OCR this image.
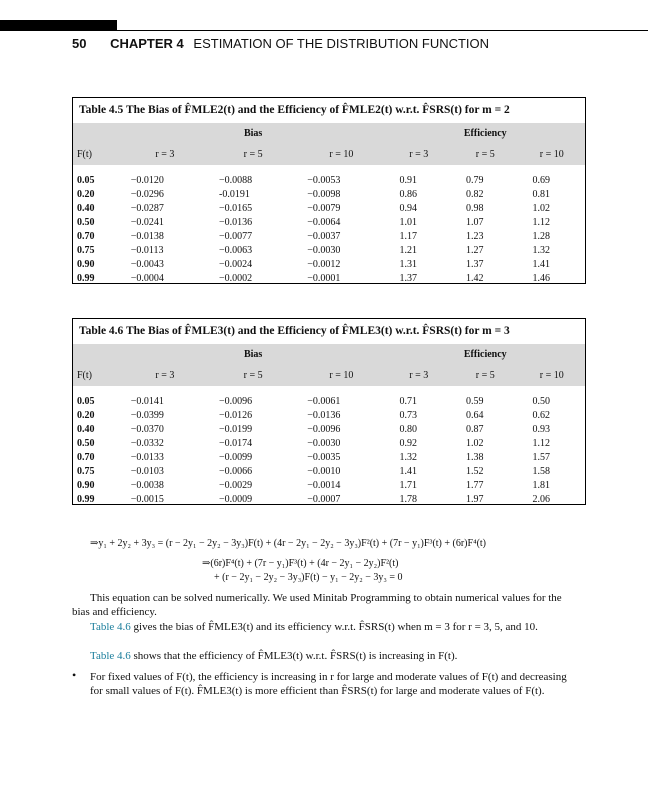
50 CHAPTER 4 ESTIMATION OF THE DISTRIBUTION FUNCTION
Table 4.5 The Bias of F̂MLE2(t) and the Efficiency of F̂MLE2(t) w.r.t. F̂SRS(t) for m = 2
	Bias			Efficiency		
F(t)	r = 3	r = 5	r = 10	r = 3	r = 5	r = 10

0.05	−0.0120	−0.0088	−0.0053	0.91	0.79	0.69
0.20	−0.0296	-0.0191	−0.0098	0.86	0.82	0.81
0.40	−0.0287	−0.0165	−0.0079	0.94	0.98	1.02
0.50	−0.0241	−0.0136	−0.0064	1.01	1.07	1.12
0.70	−0.0138	−0.0077	−0.0037	1.17	1.23	1.28
0.75	−0.0113	−0.0063	−0.0030	1.21	1.27	1.32
0.90	−0.0043	−0.0024	−0.0012	1.31	1.37	1.41
0.99	−0.0004	−0.0002	−0.0001	1.37	1.42	1.46
Table 4.6 The Bias of F̂MLE3(t) and the Efficiency of F̂MLE3(t) w.r.t. F̂SRS(t) for m = 3
	Bias			Efficiency		
F(t)	r = 3	r = 5	r = 10	r = 3	r = 5	r = 10

0.05	−0.0141	−0.0096	−0.0061	0.71	0.59	0.50
0.20	−0.0399	−0.0126	−0.0136	0.73	0.64	0.62
0.40	−0.0370	−0.0199	−0.0096	0.80	0.87	0.93
0.50	−0.0332	−0.0174	−0.0030	0.92	1.02	1.12
0.70	−0.0133	−0.0099	−0.0035	1.32	1.38	1.57
0.75	−0.0103	−0.0066	−0.0010	1.41	1.52	1.58
0.90	−0.0038	−0.0029	−0.0014	1.71	1.77	1.81
0.99	−0.0015	−0.0009	−0.0007	1.78	1.97	2.06
⇒y₁ + 2y₂ + 3y₃ = (r − 2y₁ − 2y₂ − 3y₃)F(t) + (4r − 2y₁ − 2y₂ − 3y₃)F²(t) + (7r − y₁)F³(t) + (6r)F⁴(t)
⇒(6r)F⁴(t) + (7r − y₁)F³(t) + (4r − 2y₁ − 2y₂)F²(t)
+ (r − 2y₁ − 2y₂ − 3y₃)F(t) − y₁ − 2y₂ − 3y₃ = 0
This equation can be solved numerically. We used Minitab Programming to obtain numerical values for the bias and efficiency.
Table 4.6 gives the bias of F̂MLE3(t) and its efficiency w.r.t. F̂SRS(t) when m = 3 for r = 3, 5, and 10.
Table 4.6 shows that the efficiency of F̂MLE3(t) w.r.t. F̂SRS(t) is increasing in F(t).
• For fixed values of F(t), the efficiency is increasing in r for large and moderate values of F(t) and decreasing for small values of F(t). F̂MLE3(t) is more efficient than F̂SRS(t) for large and moderate values of F(t).
